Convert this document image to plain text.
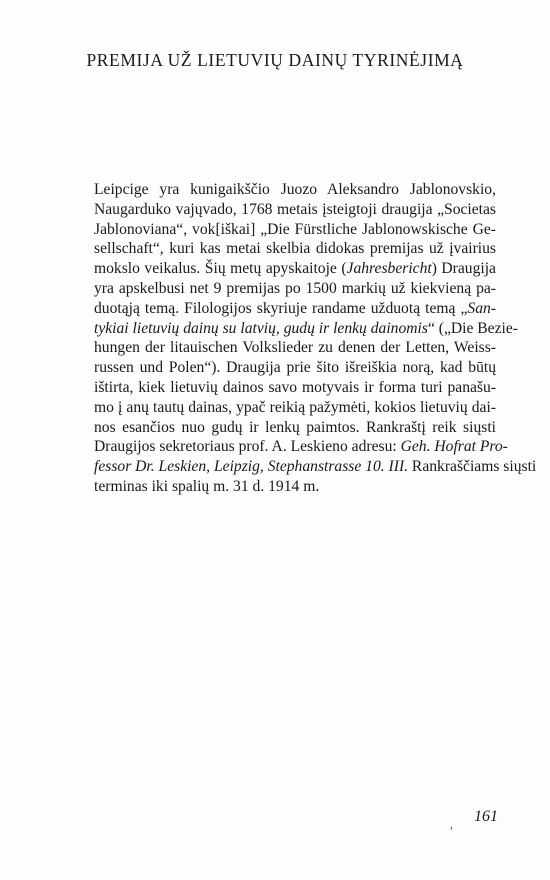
PREMIJA UŽ LIETUVIŲ DAINŲ TYRINĖJIMĄ
Leipcige yra kunigaikščio Juozo Aleksandro Jablonovskio,
Naugarduko vajųvado, 1768 metais įsteigtoji draugija „Societas
Jablonoviana“, vok[iškai] „Die Fürstliche Jablonowskische Ge-
sellschaft“, kuri kas metai skelbia didokas premijas už įvairius
mokslo veikalus. Šių metų apyskaitoje (Jahresbericht) Draugija
yra apskelbusi net 9 premijas po 1500 markių už kiekvieną pa-
duotąją temą. Filologijos skyriuje randame užduotą temą „San-
tykiai lietuvių dainų su latvių, gudų ir lenkų dainomis“ („Die Bezie-
hungen der litauischen Volkslieder zu denen der Letten, Weiss-
russen und Polen“). Draugija prie šito išreiškia norą, kad būtų
ištirta, kiek lietuvių dainos savo motyvais ir forma turi panašu-
mo į anų tautų dainas, ypač reikią pažymėti, kokios lietuvių dai-
nos esančios nuo gudų ir lenkų paimtos. Rankraštį reik siųsti
Draugijos sekretoriaus prof. A. Leskieno adresu: Geh. Hofrat Pro-
fessor Dr. Leskien, Leipzig, Stephanstrasse 10. III. Rankraščiams siųsti
terminas iki spalių m. 31 d. 1914 m.
, 161
